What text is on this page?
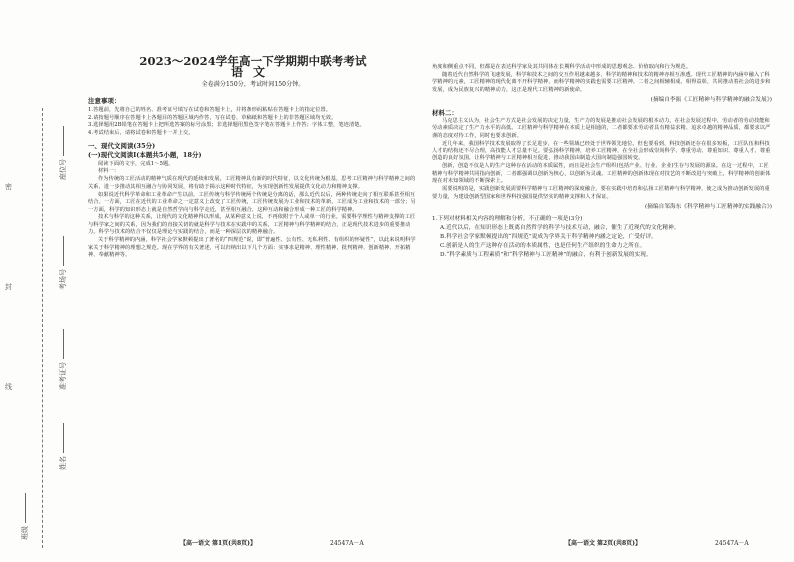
密
封
线
座位号
考场号
准考证号
姓名
班级
2023～2024学年高一下学期期中联考考试
语文
全卷满分150分，考试时间150分钟。
注意事项：
1.答题前，先将自己的姓名、准考证号填写在试卷和答题卡上，并将条形码粘贴在答题卡上的指定位置。
2.请按题号顺序在答题卡上各题目的答题区域内作答，写在试卷、草稿纸和答题卡上的非答题区域均无效。
3.选择题用2B铅笔在答题卡上把所选答案的标号涂黑；非选择题用黑色签字笔在答题卡上作答；字体工整，笔迹清楚。
4.考试结束后，请将试卷和答题卡一并上交。
一、现代文阅读(35分)
(一)现代文阅读Ⅰ(本题共5小题，18分)
阅读下面的文字，完成1～5题。
材料一：
作为传统的工匠活动的精神气质在现代的延续和发展，工匠精神具有新的时代特征，以文化传统为根基，思考工匠精神与科学精神之间的关系，进一步推动其相互融合与协同发展，将有助于揭示这种时代特征，为实现创新性发展提供文化动力和精神支撑。
如果说近代科学革命和工业革命产生以前，工匠传统与科学传统两个传统是分离的话，那么近代以后，两种传统走向了相互联系甚至相互结合。一方面，工匠在近代的工业革命之一定意义上改变了工匠传统，工匠传统发展为工业和技术的革新，工匠成为工业和技术的一部分；另一方面，科学的知识形态上就是自然哲学向与科学走近，甚至相互融合，这种互动和融合形成一种工匠的科学精神。
技术与科学的这种关系，让现代的文化精神得以形成，从某种意义上说，不再依附于个人或单一的行业，需要科学理性与精神支撑的工匠与科学家之间的关系，因为我们的直接关切的就是科学与技术在实践中的关系，工匠精神与科学精神的结合，正是现代技术进步的重要推动力。科学与技术的结合不仅仅是理论与实践的结合，而是一种深层次的精神融合。
关于科学精神的内涵，科学社会学家默顿提出了著名的“四规范”说，即“普遍性、公有性、无私利性、有组织的怀疑性”，以此来说明科学家关于科学精神的理想之规范。现在学界的有关著述，可以归纳出以下几个方面：实事求是精神、理性精神、批判精神、创新精神、开拓精神、奉献精神等。
角度和侧重点不同，但都是在表达科学家及其共同体在长期科学活动中形成的思想观念、价值取向和行为规范。
随着近代自然科学的飞速发展，科学和技术之间的交互作用越来越多，科学的精神和技术的精神亦相互渗透。现代工匠精神的内涵中融入了科学精神的元素，工匠精神的现代化离不开科学精神，而科学精神的实践也需要工匠精神。二者之间相辅相成、相得益彰，共同推动着社会的进步和发展，成为民族复兴的精神动力，这正是现代工匠精神的新使命。
(摘编自李振《工匠精神与科学精神的融合发展》)
材料二：
马克思主义认为，社会生产方式是社会发展的决定力量，生产力的发展是推动社会发展的根本动力。在社会发展过程中，劳动者的劳动技能和劳动素质决定了生产力水平的高低。工匠精神与科学精神在本质上是相通的，二者都要求劳动者具有精益求精、追求卓越的精神品质，都要求以严谨的态度对待工作，同时也要求创新。
近几年来，我国科学技术发展取得了长足进步，在一些领域已经处于世界领先地位。但也要看到，科技创新还存在很多短板，工匠队伍和科技人才的结构还不尽合理，高技能人才总量不足。要弘扬科学精神，培养工匠精神，在全社会形成崇尚科学、尊重劳动、尊重知识、尊重人才、尊重创造的良好氛围，让科学精神与工匠精神相互促进，推动我国由制造大国向制造强国转变。
创新，创造不仅是人的生产这种存在活动的本质属性，而且是社会生产组织(包括产业、行业、企业)生存与发展的源泉。在这一过程中，工匠精神与科学精神共同指向创新，二者都强调以创新为核心，以创新为灵魂。工匠精神的创新体现在对技艺的不断改进与突破上，科学精神的创新体现在对未知领域的不断探索上。
需要说明的是，实践创新发展需要科学精神与工匠精神的深度融合，要在实践中培育和弘扬工匠精神与科学精神，使之成为推动创新发展的重要力量，为建设创新型国家和世界科技强国提供坚实的精神支撑和人才保证。
(摘编自邹海东《科学精神与工匠精神的实践融合》)
1.下列对材料相关内容的理解和分析，不正确的一项是(3分)
A.近代以后，在知识形态上既离自然哲学的科学与技术互动，融合，催生了近现代的文化精神。
B.科学社会学家默顿提出的“四规范”说成为学界关于科学精神内涵之定论，广受好评。
C.创新是人的生产这种存在活动的本质属性，也是任何生产组织的生命力之所在。
D.“科学素质与工程素质”和“科学精神与工匠精神”的融合，有利于创新发展的实现。
【高一语文 第1页(共8页)】	24547A－A	【高一语文 第2页(共8页)】	24547A－A
